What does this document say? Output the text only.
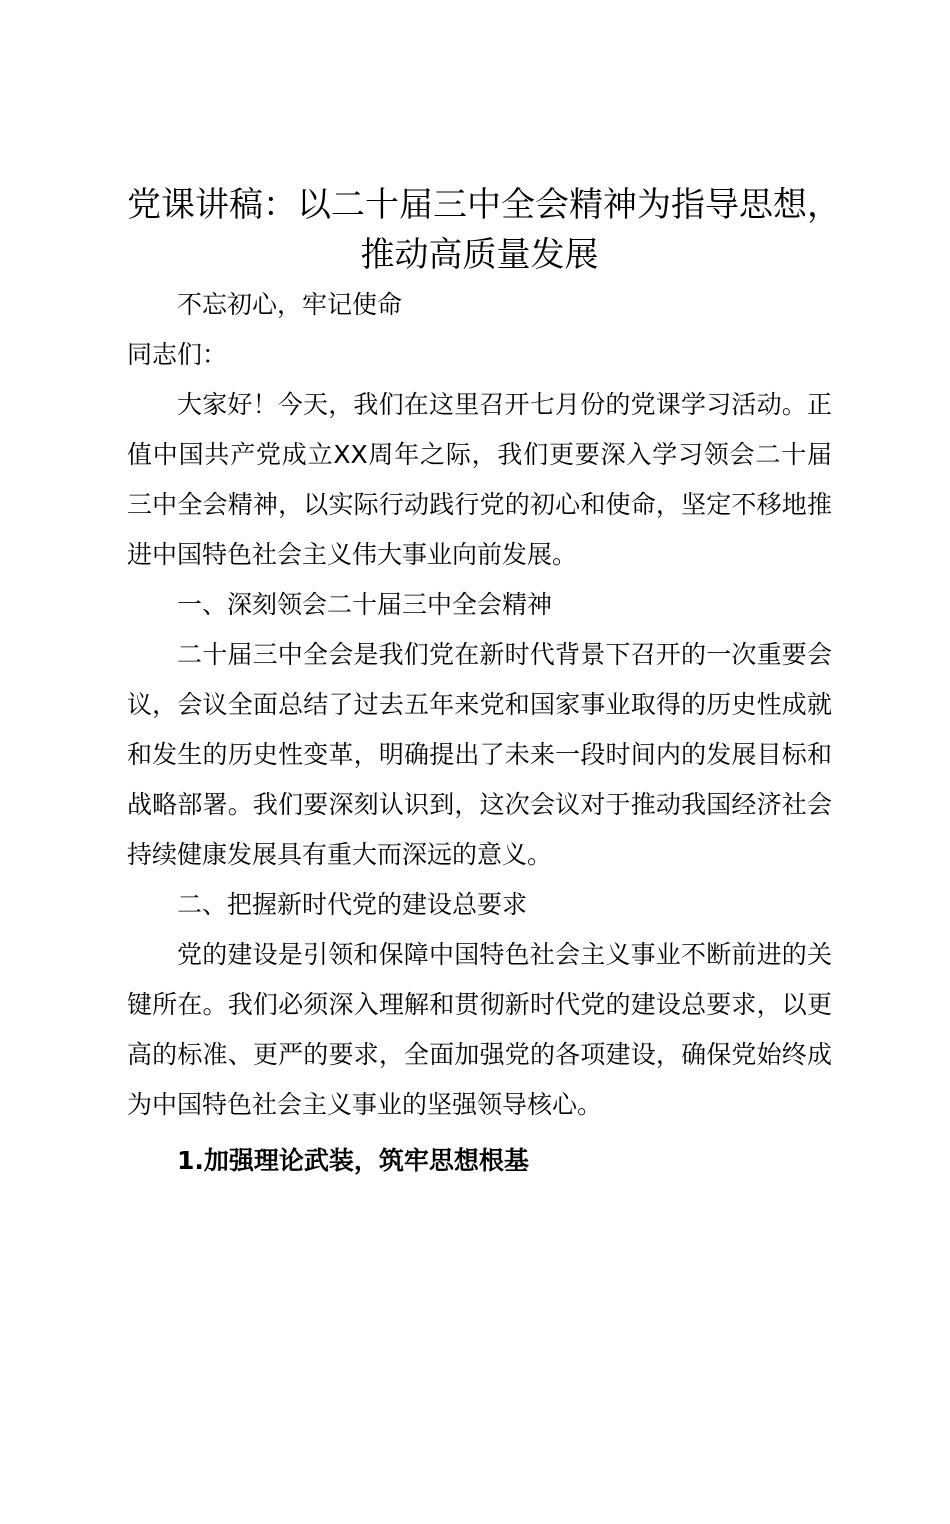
党课讲稿：以二十届三中全会精神为指导思想，
推动高质量发展

不忘初心，牢记使命

同志们：

大家好！今天，我们在这里召开七月份的党课学习活动。正值中国共产党成立XX周年之际，我们更要深入学习领会二十届三中全会精神，以实际行动践行党的初心和使命，坚定不移地推进中国特色社会主义伟大事业向前发展。

一、深刻领会二十届三中全会精神

二十届三中全会是我们党在新时代背景下召开的一次重要会议，会议全面总结了过去五年来党和国家事业取得的历史性成就和发生的历史性变革，明确提出了未来一段时间内的发展目标和战略部署。我们要深刻认识到，这次会议对于推动我国经济社会持续健康发展具有重大而深远的意义。

二、把握新时代党的建设总要求

党的建设是引领和保障中国特色社会主义事业不断前进的关键所在。我们必须深入理解和贯彻新时代党的建设总要求，以更高的标准、更严的要求，全面加强党的各项建设，确保党始终成为中国特色社会主义事业的坚强领导核心。

1.加强理论武装，筑牢思想根基
